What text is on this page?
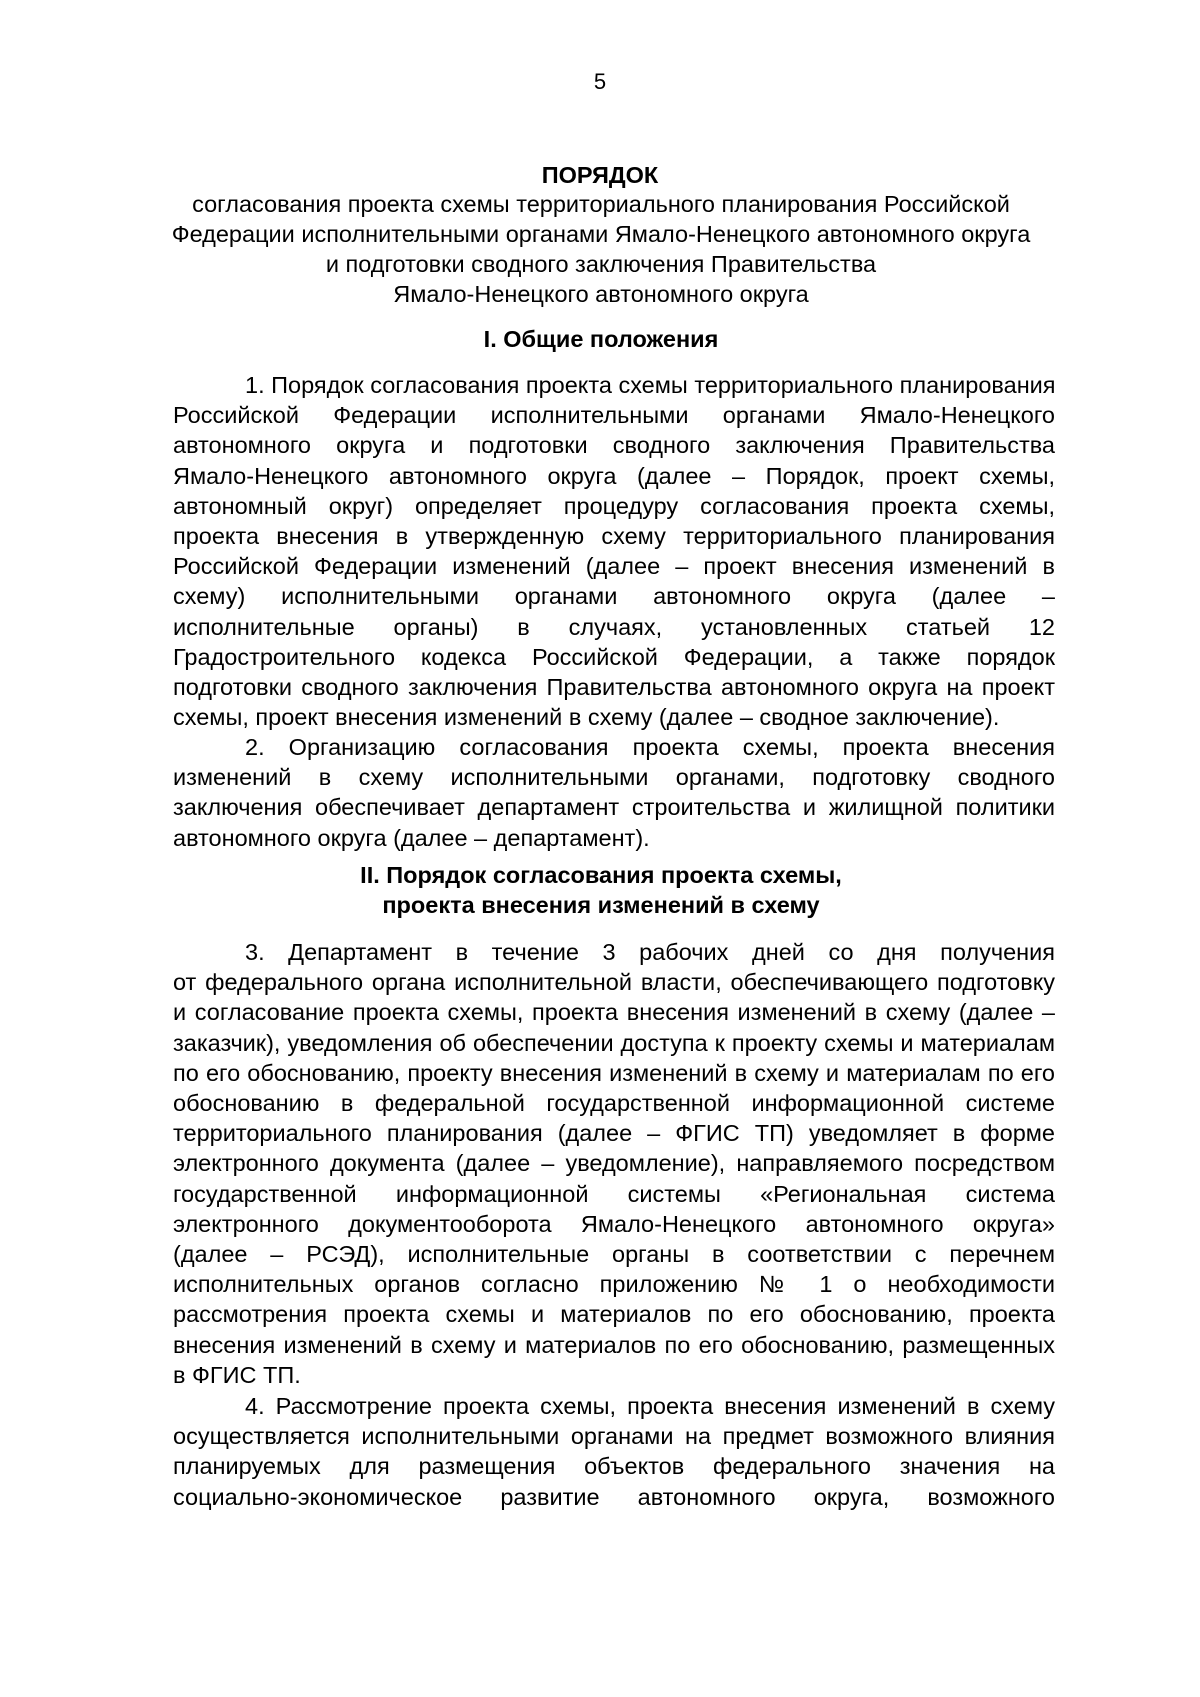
5
ПОРЯДОК
согласования проекта схемы территориального планирования Российской
Федерации исполнительными органами Ямало-Ненецкого автономного округа
и подготовки сводного заключения Правительства
Ямало-Ненецкого автономного округа
I. Общие положения
1. Порядок согласования проекта схемы территориального планирования
Российской Федерации исполнительными органами Ямало-Ненецкого
автономного округа и подготовки сводного заключения Правительства
Ямало-Ненецкого автономного округа (далее – Порядок, проект схемы,
автономный округ) определяет процедуру согласования проекта схемы,
проекта внесения в утвержденную схему территориального планирования
Российской Федерации изменений (далее – проект внесения изменений в
схему) исполнительными органами автономного округа (далее –
исполнительные органы) в случаях, установленных статьей 12
Градостроительного кодекса Российской Федерации, а также порядок
подготовки сводного заключения Правительства автономного округа на проект
схемы, проект внесения изменений в схему (далее – сводное заключение).
2. Организацию согласования проекта схемы, проекта внесения
изменений в схему исполнительными органами, подготовку сводного
заключения обеспечивает департамент строительства и жилищной политики
автономного округа (далее – департамент).
II. Порядок согласования проекта схемы,
проекта внесения изменений в схему
3. Департамент в течение 3 рабочих дней со дня получения
от федерального органа исполнительной власти, обеспечивающего подготовку
и согласование проекта схемы, проекта внесения изменений в схему (далее –
заказчик), уведомления об обеспечении доступа к проекту схемы и материалам
по его обоснованию, проекту внесения изменений в схему и материалам по его
обоснованию в федеральной государственной информационной системе
территориального планирования (далее – ФГИС ТП) уведомляет в форме
электронного документа (далее – уведомление), направляемого посредством
государственной информационной системы «Региональная система
электронного документооборота Ямало-Ненецкого автономного округа»
(далее – РСЭД), исполнительные органы в соответствии с перечнем
исполнительных органов согласно приложению № 1 о необходимости
рассмотрения проекта схемы и материалов по его обоснованию, проекта
внесения изменений в схему и материалов по его обоснованию, размещенных
в ФГИС ТП.
4. Рассмотрение проекта схемы, проекта внесения изменений в схему
осуществляется исполнительными органами на предмет возможного влияния
планируемых для размещения объектов федерального значения на
социально-экономическое развитие автономного округа, возможного
